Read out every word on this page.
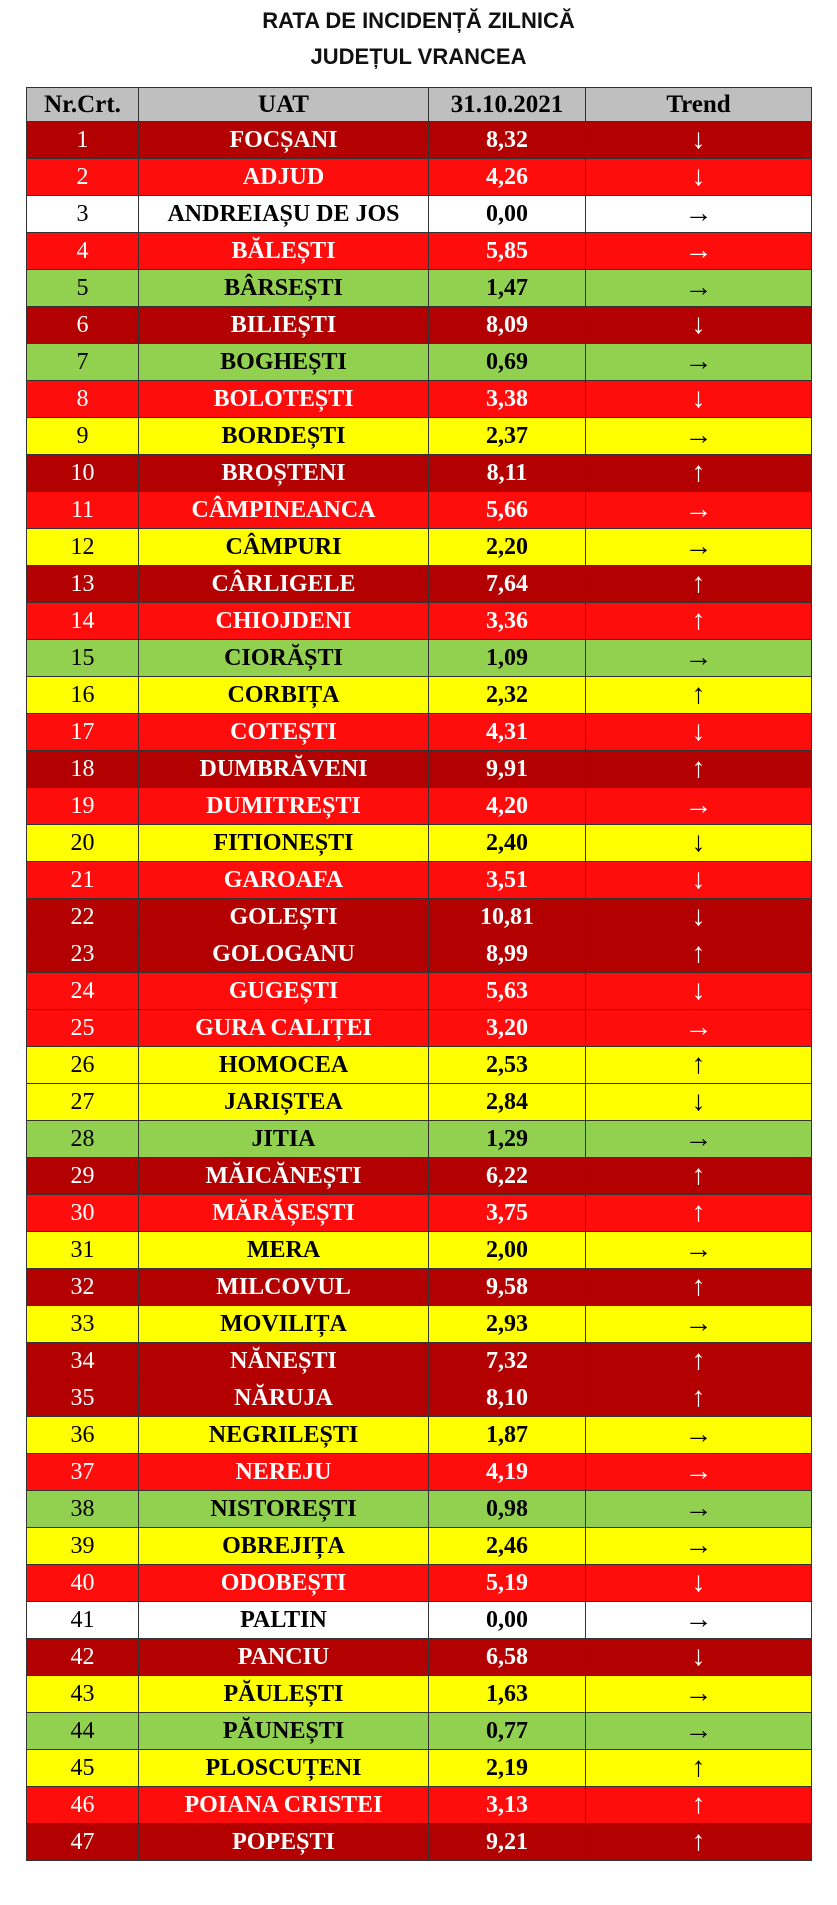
RATA DE INCIDENȚĂ ZILNICĂ
JUDEȚUL VRANCEA
Nr.Crt.	UAT	31.10.2021	Trend
1	FOCȘANI	8,32	↓
2	ADJUD	4,26	↓
3	ANDREIAȘU DE JOS	0,00	→
4	BĂLEȘTI	5,85	→
5	BÂRSEȘTI	1,47	→
6	BILIEȘTI	8,09	↓
7	BOGHEȘTI	0,69	→
8	BOLOTEȘTI	3,38	↓
9	BORDEȘTI	2,37	→
10	BROȘTENI	8,11	↑
11	CÂMPINEANCA	5,66	→
12	CÂMPURI	2,20	→
13	CÂRLIGELE	7,64	↑
14	CHIOJDENI	3,36	↑
15	CIORĂȘTI	1,09	→
16	CORBIȚA	2,32	↑
17	COTEȘTI	4,31	↓
18	DUMBRĂVENI	9,91	↑
19	DUMITREȘTI	4,20	→
20	FITIONEȘTI	2,40	↓
21	GAROAFA	3,51	↓
22	GOLEȘTI	10,81	↓
23	GOLOGANU	8,99	↑
24	GUGEȘTI	5,63	↓
25	GURA CALIȚEI	3,20	→
26	HOMOCEA	2,53	↑
27	JARIȘTEA	2,84	↓
28	JITIA	1,29	→
29	MĂICĂNEȘTI	6,22	↑
30	MĂRĂȘEȘTI	3,75	↑
31	MERA	2,00	→
32	MILCOVUL	9,58	↑
33	MOVILIȚA	2,93	→
34	NĂNEȘTI	7,32	↑
35	NĂRUJA	8,10	↑
36	NEGRILEȘTI	1,87	→
37	NEREJU	4,19	→
38	NISTOREȘTI	0,98	→
39	OBREJIȚA	2,46	→
40	ODOBEȘTI	5,19	↓
41	PALTIN	0,00	→
42	PANCIU	6,58	↓
43	PĂULEȘTI	1,63	→
44	PĂUNEȘTI	0,77	→
45	PLOSCUȚENI	2,19	↑
46	POIANA CRISTEI	3,13	↑
47	POPEȘTI	9,21	↑
